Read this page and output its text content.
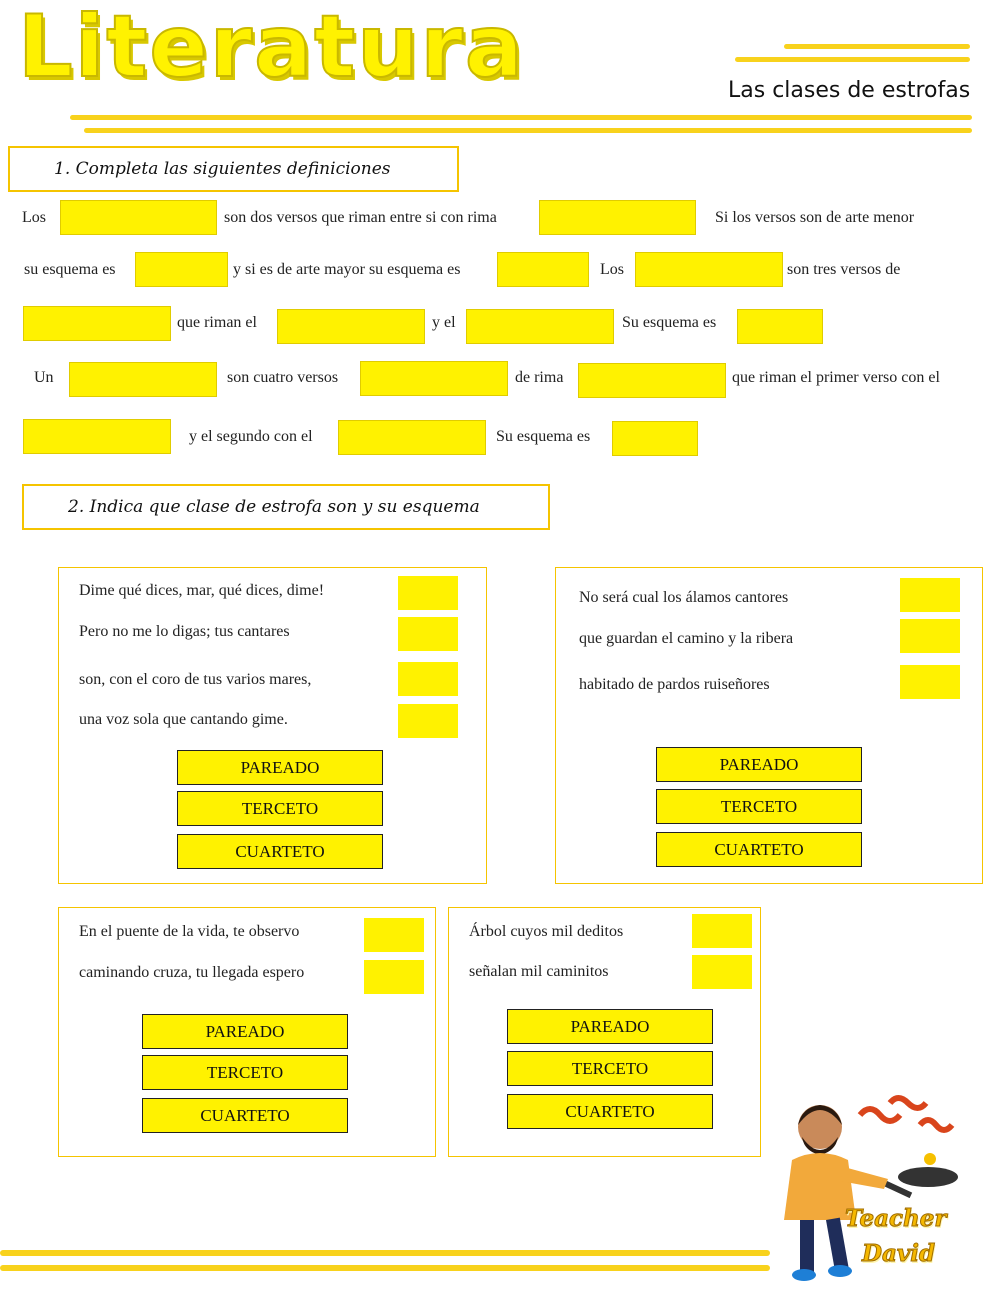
Literatura	Las clases de estrofas
1. Completa las siguientes definiciones
Los	son dos versos que riman entre si con rima	Si los versos son de arte menor
su esquema es	y si es de arte mayor su esquema es	Los	son tres versos de
que riman el	y el	Su esquema es
Un	son cuatro versos	de rima	que riman el primer verso con el
y el segundo con el	Su esquema es
2. Indica que clase de estrofa son y su esquema
Dime qué dices, mar, qué dices, dime!
Pero no me lo digas; tus cantares
son, con el coro de tus varios mares,
una voz sola que cantando gime.
PAREADO
TERCETO
CUARTETO
No será cual los álamos cantores
que guardan el camino y la ribera
habitado de pardos ruiseñores
PAREADO
TERCETO
CUARTETO
En el puente de la vida, te observo
caminando cruza, tu llegada espero
PAREADO
TERCETO
CUARTETO
Árbol cuyos mil deditos
señalan mil caminitos
PAREADO
TERCETO
CUARTETO
Teacher
David
